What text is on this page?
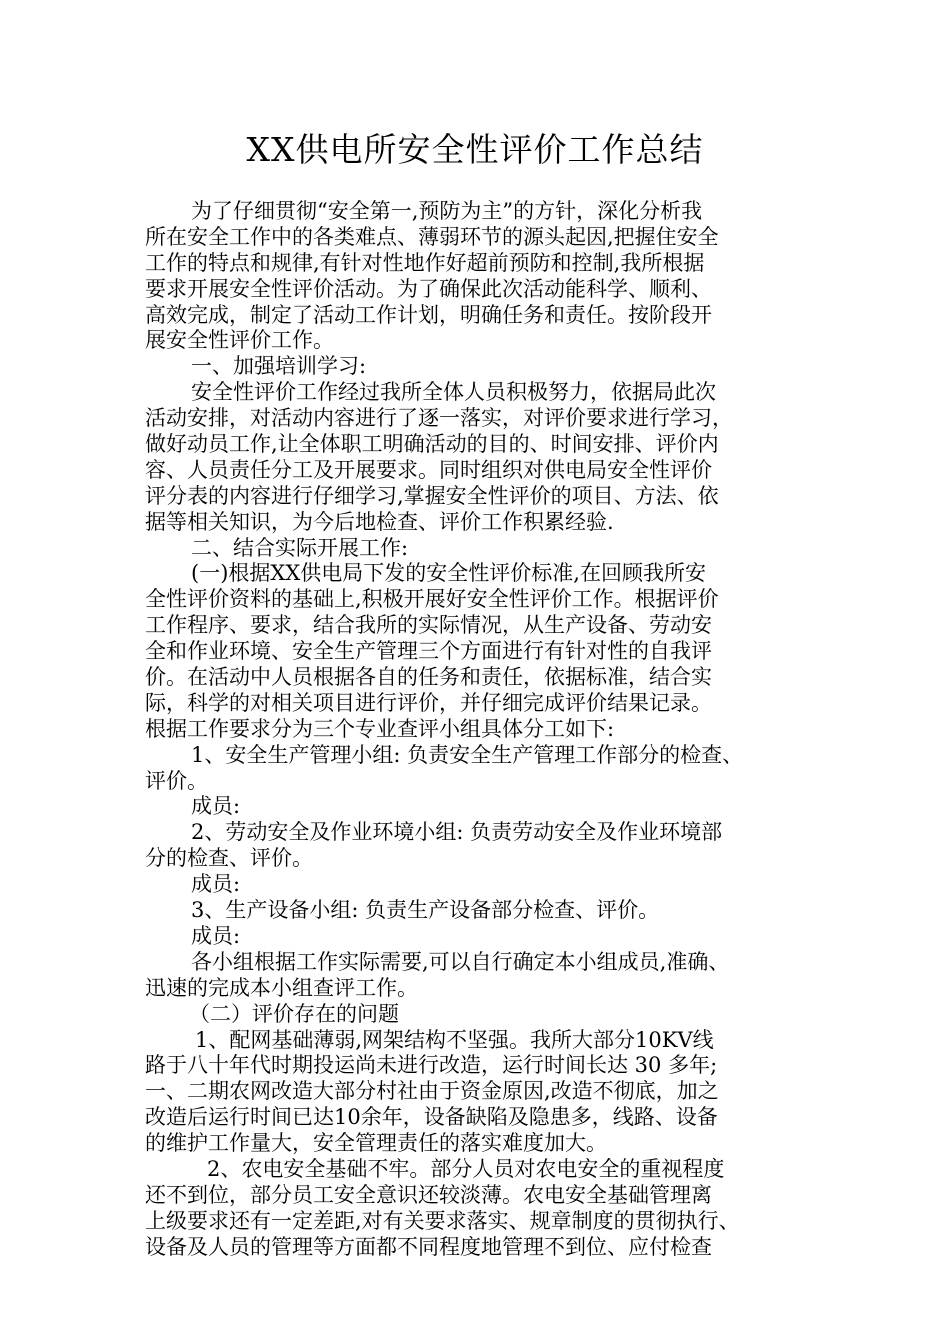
XX供电所安全性评价工作总结
为了仔细贯彻“安全第一,预防为主”的方针，深化分析我
所在安全工作中的各类难点、薄弱环节的源头起因,把握住安全
工作的特点和规律,有针对性地作好超前预防和控制,我所根据
要求开展安全性评价活动。为了确保此次活动能科学、顺利、
高效完成，制定了活动工作计划，明确任务和责任。按阶段开
展安全性评价工作。
一、加强培训学习:
安全性评价工作经过我所全体人员积极努力，依据局此次
活动安排，对活动内容进行了逐一落实，对评价要求进行学习，
做好动员工作,让全体职工明确活动的目的、时间安排、评价内
容、人员责任分工及开展要求。同时组织对供电局安全性评价
评分表的内容进行仔细学习,掌握安全性评价的项目、方法、依
据等相关知识，为今后地检查、评价工作积累经验.
二、结合实际开展工作:
(一)根据XX供电局下发的安全性评价标准,在回顾我所安
全性评价资料的基础上,积极开展好安全性评价工作。根据评价
工作程序、要求，结合我所的实际情况，从生产设备、劳动安
全和作业环境、安全生产管理三个方面进行有针对性的自我评
价。在活动中人员根据各自的任务和责任，依据标准，结合实
际，科学的对相关项目进行评价，并仔细完成评价结果记录。
根据工作要求分为三个专业查评小组具体分工如下:
1、安全生产管理小组: 负责安全生产管理工作部分的检查、
评价。
成员:
2、劳动安全及作业环境小组: 负责劳动安全及作业环境部
分的检查、评价。
成员:
3、生产设备小组: 负责生产设备部分检查、评价。
成员:
各小组根据工作实际需要,可以自行确定本小组成员,准确、
迅速的完成本小组查评工作。
（二）评价存在的问题
1、配网基础薄弱,网架结构不坚强。我所大部分10KV线
路于八十年代时期投运尚未进行改造，运行时间长达 30 多年;
一、二期农网改造大部分村社由于资金原因,改造不彻底，加之
改造后运行时间已达10余年，设备缺陷及隐患多，线路、设备
的维护工作量大，安全管理责任的落实难度加大。
2、农电安全基础不牢。部分人员对农电安全的重视程度
还不到位，部分员工安全意识还较淡薄。农电安全基础管理离
上级要求还有一定差距,对有关要求落实、规章制度的贯彻执行、
设备及人员的管理等方面都不同程度地管理不到位、应付检查
